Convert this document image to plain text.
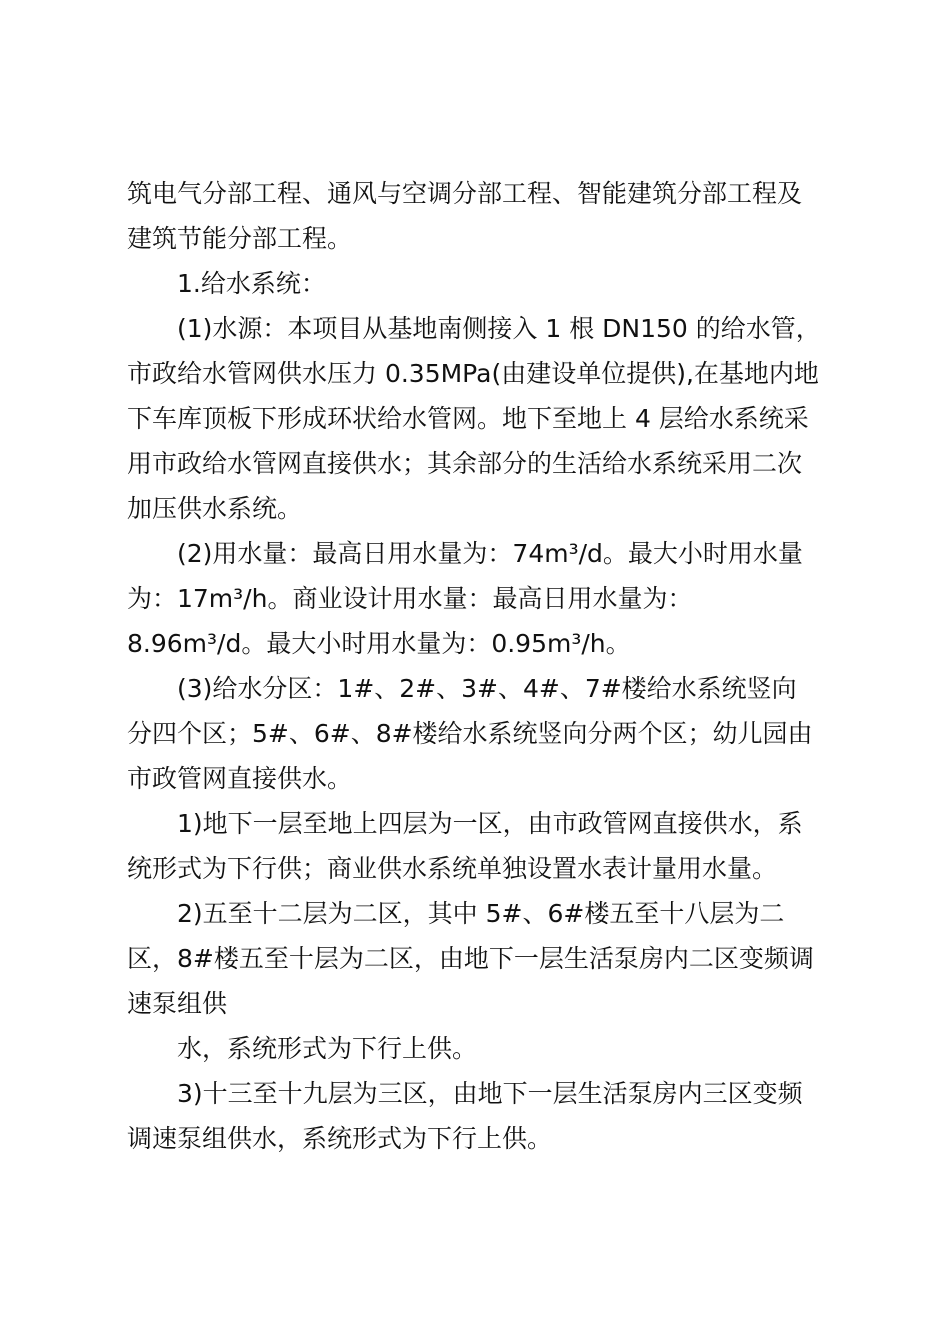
筑电气分部工程、通风与空调分部工程、智能建筑分部工程及
建筑节能分部工程。
1.给水系统：
(1)水源：本项目从基地南侧接入 1 根 DN150 的给水管，
市政给水管网供水压力 0.35MPa(由建设单位提供),在基地内地
下车库顶板下形成环状给水管网。地下至地上 4 层给水系统采
用市政给水管网直接供水；其余部分的生活给水系统采用二次
加压供水系统。
(2)用水量：最高日用水量为：74m³/d。最大小时用水量
为：17m³/h。商业设计用水量：最高日用水量为：
8.96m³/d。最大小时用水量为：0.95m³/h。
(3)给水分区：1#、2#、3#、4#、7#楼给水系统竖向
分四个区；5#、6#、8#楼给水系统竖向分两个区；幼儿园由
市政管网直接供水。
1)地下一层至地上四层为一区，由市政管网直接供水，系
统形式为下行供；商业供水系统单独设置水表计量用水量。
2)五至十二层为二区，其中 5#、6#楼五至十八层为二
区，8#楼五至十层为二区，由地下一层生活泵房内二区变频调
速泵组供
水，系统形式为下行上供。
3)十三至十九层为三区，由地下一层生活泵房内三区变频
调速泵组供水，系统形式为下行上供。
